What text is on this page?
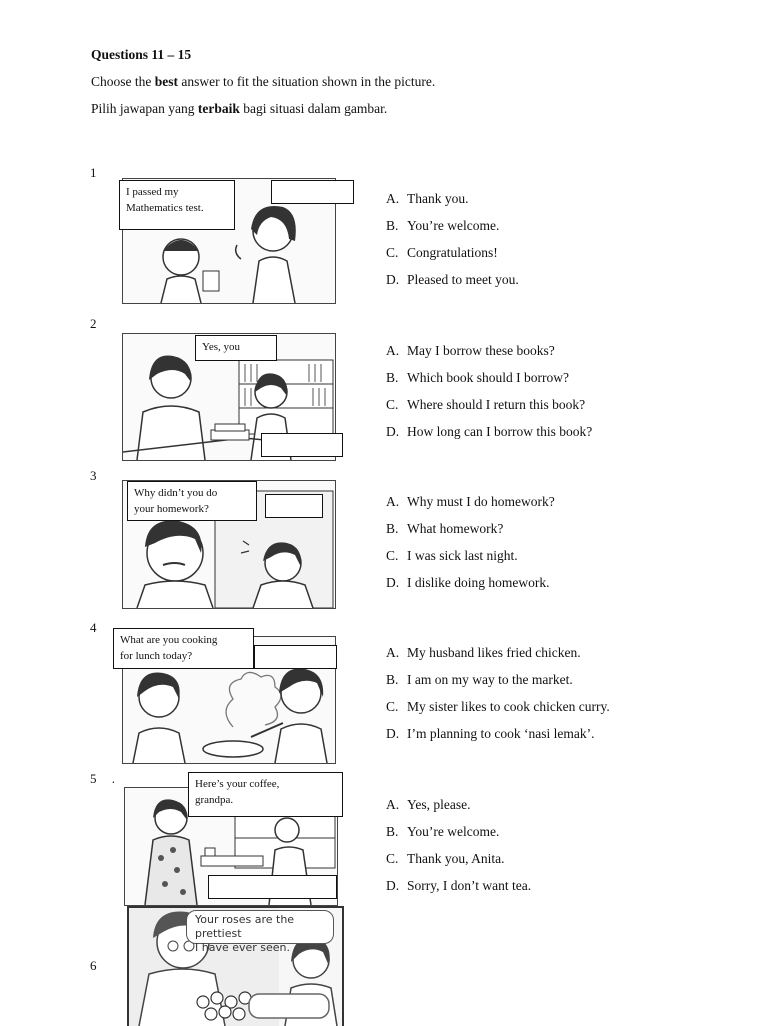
Questions 11 – 15
Choose the best answer to fit the situation shown in the picture.
Pilih jawapan yang terbaik bagi situasi dalam gambar.
1
I passed my
Mathematics test.
A. Thank you.
B. You’re welcome.
C. Congratulations!
D. Pleased to meet you.
2
Yes, you	A. May I borrow these books?
B. Which book should I borrow?
C. Where should I return this book?
D. How long can I borrow this book?
3
Why didn’t you do
your homework?	A. Why must I do homework?
B. What homework?
C. I was sick last night.
D. I dislike doing homework.
4
What are you cooking
for lunch today?	A. My husband likes fried chicken.
B. I am on my way to the market.
C. My sister likes to cook chicken curry.
D. I’m planning to cook ‘nasi lemak’.
5 .	Here’s your coffee,
grandpa.	A. Yes, please.
B. You’re welcome.
C. Thank you, Anita.
D. Sorry, I don’t want tea.
6
Your roses are the prettiest
I have ever seen.
